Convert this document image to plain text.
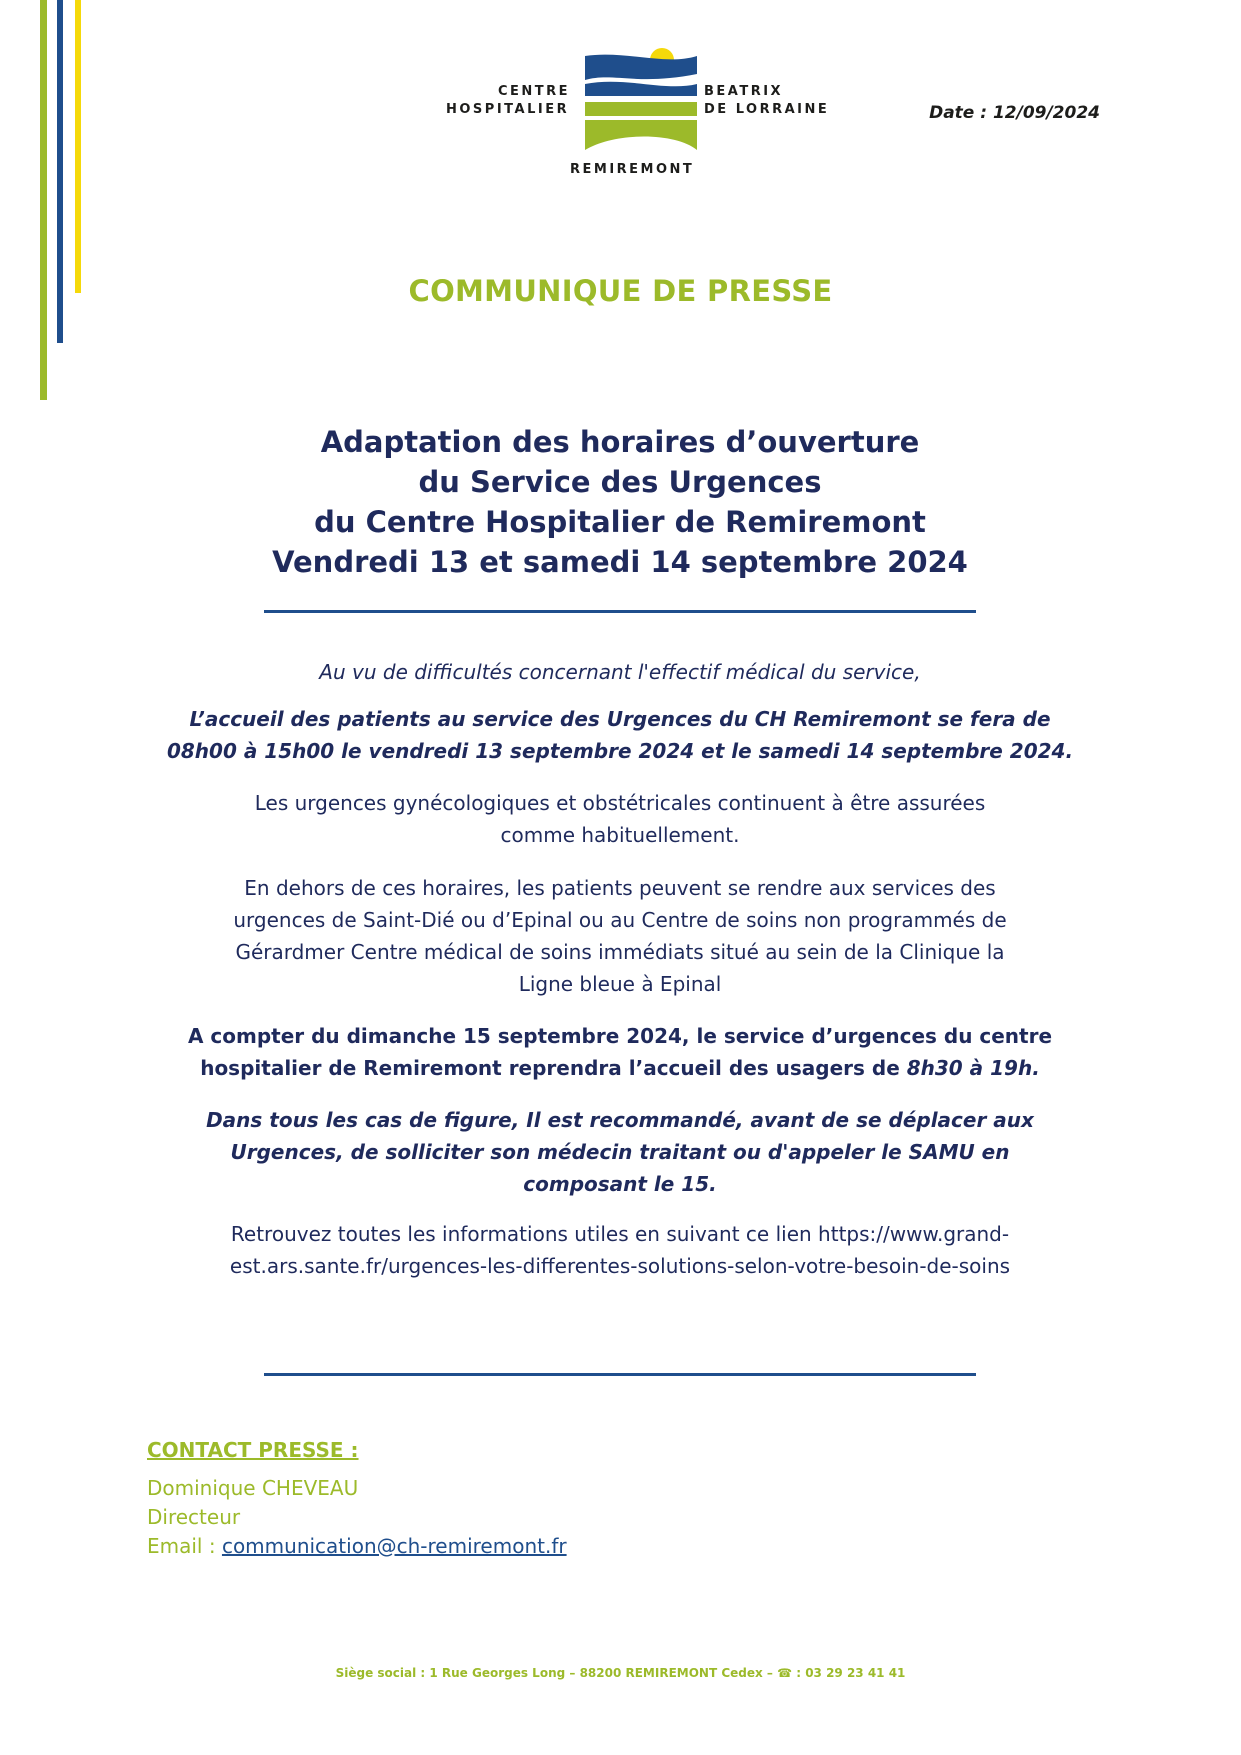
CENTRE
HOSPITALIER
BEATRIX
DE LORRAINE
REMIREMONT
Date : 12/09/2024
COMMUNIQUE DE PRESSE
Adaptation des horaires d’ouverture
du Service des Urgences
du Centre Hospitalier de Remiremont
Vendredi 13 et samedi 14 septembre 2024
Au vu de difficultés concernant l'effectif médical du service,
L’accueil des patients au service des Urgences du CH Remiremont se fera de
08h00 à 15h00 le vendredi 13 septembre 2024 et le samedi 14 septembre 2024.
Les urgences gynécologiques et obstétricales continuent à être assurées
comme habituellement.
En dehors de ces horaires, les patients peuvent se rendre aux services des
urgences de Saint-Dié ou d’Epinal ou au Centre de soins non programmés de
Gérardmer Centre médical de soins immédiats situé au sein de la Clinique la
Ligne bleue à Epinal
A compter du dimanche 15 septembre 2024, le service d’urgences du centre
hospitalier de Remiremont reprendra l’accueil des usagers de 8h30 à 19h.
Dans tous les cas de figure, Il est recommandé, avant de se déplacer aux
Urgences, de solliciter son médecin traitant ou d'appeler le SAMU en
composant le 15.
Retrouvez toutes les informations utiles en suivant ce lien https://www.grand-
est.ars.sante.fr/urgences-les-differentes-solutions-selon-votre-besoin-de-soins
CONTACT PRESSE :
Dominique CHEVEAU
Directeur
Email : communication@ch-remiremont.fr
Siège social : 1 Rue Georges Long – 88200 REMIREMONT Cedex – ☎ : 03 29 23 41 41
